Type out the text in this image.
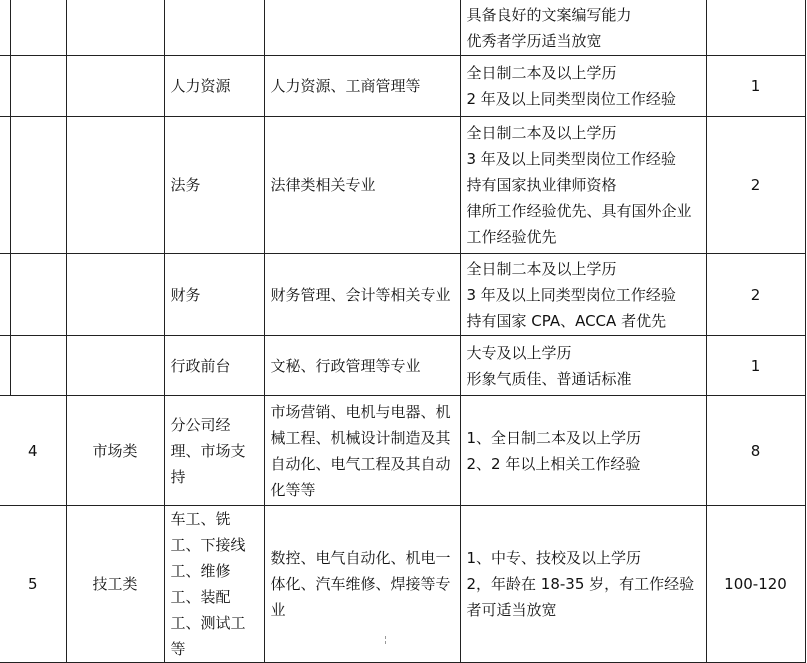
					具备良好的文案编写能力
优秀者学历适当放宽	

			人力资源	人力资源、工商管理等	全日制二本及以上学历
2 年及以上同类型岗位工作经验	1
			法务	法律类相关专业	全日制二本及以上学历
3 年及以上同类型岗位工作经验
持有国家执业律师资格
律所工作经验优先、具有国外企业
工作经验优先	2
			财务	财务管理、会计等相关专业	全日制二本及以上学历
3 年及以上同类型岗位工作经验
持有国家 CPA、ACCA 者优先	2
			行政前台	文秘、行政管理等专业	大专及以上学历
形象气质佳、普通话标准	1
4		市场类	分公司经理、市场支持	市场营销、电机与电器、机械工程、机械设计制造及其自动化、电气工程及其自动化等等	1、全日制二本及以上学历
2、2 年以上相关工作经验	8
5		技工类	车工、铣工、下接线工、维修工、装配工、测试工等	数控、电气自动化、机电一体化、汽车维修、焊接等专业	1、中专、技校及以上学历
2，年龄在 18-35 岁，有工作经验者可适当放宽	100-120
